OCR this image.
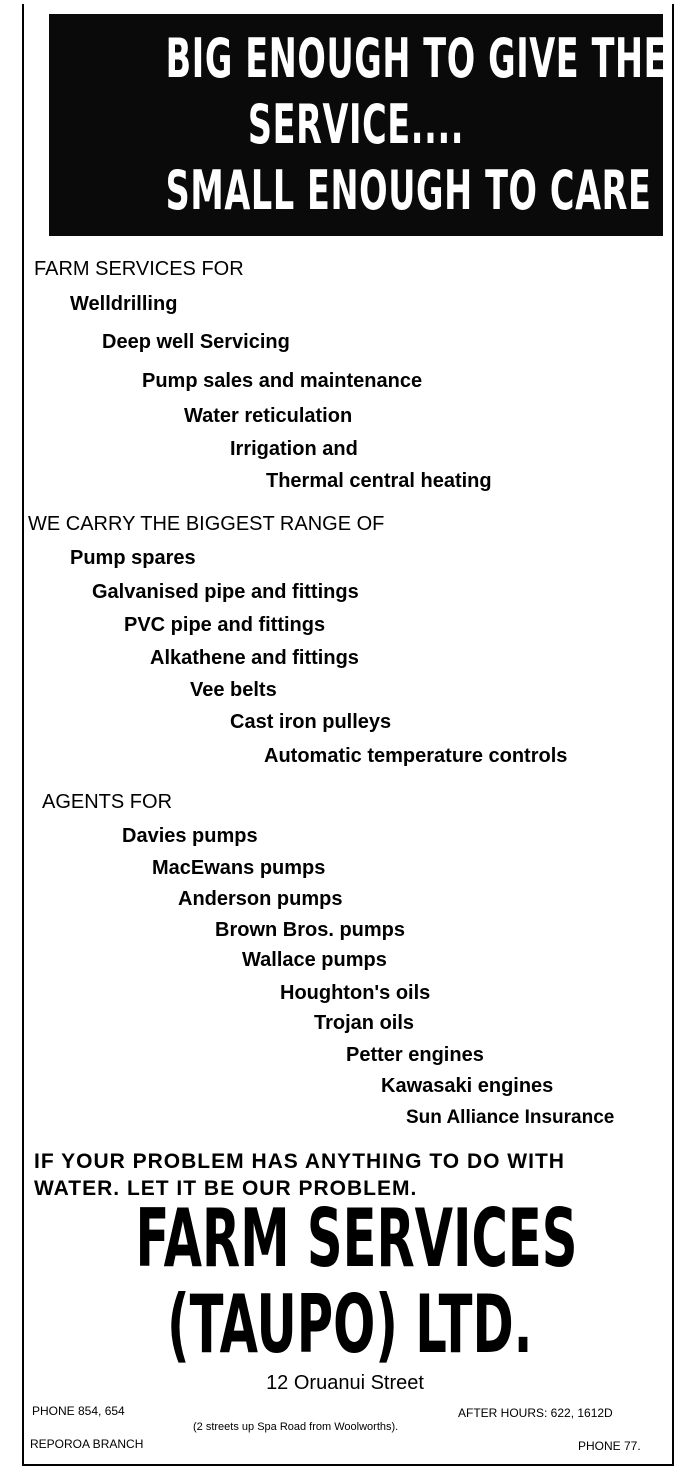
BIG ENOUGH TO GIVE THE
SERVICE....
SMALL ENOUGH TO CARE
FARM SERVICES FOR
Welldrilling
Deep well Servicing
Pump sales and maintenance
Water reticulation
Irrigation and
Thermal central heating
WE CARRY THE BIGGEST RANGE OF
Pump spares
Galvanised pipe and fittings
PVC pipe and fittings
Alkathene and fittings
Vee belts
Cast iron pulleys
Automatic temperature controls
AGENTS FOR
Davies pumps
MacEwans pumps
Anderson pumps
Brown Bros. pumps
Wallace pumps
Houghton's oils
Trojan oils
Petter engines
Kawasaki engines
Sun Alliance Insurance
IF YOUR PROBLEM HAS ANYTHING TO DO WITH
WATER. LET IT BE OUR PROBLEM.
FARM SERVICES
(TAUPO) LTD.
12 Oruanui Street
PHONE 854, 654	AFTER HOURS: 622, 1612D
(2 streets up Spa Road from Woolworths).
REPOROA BRANCH	PHONE 77.
